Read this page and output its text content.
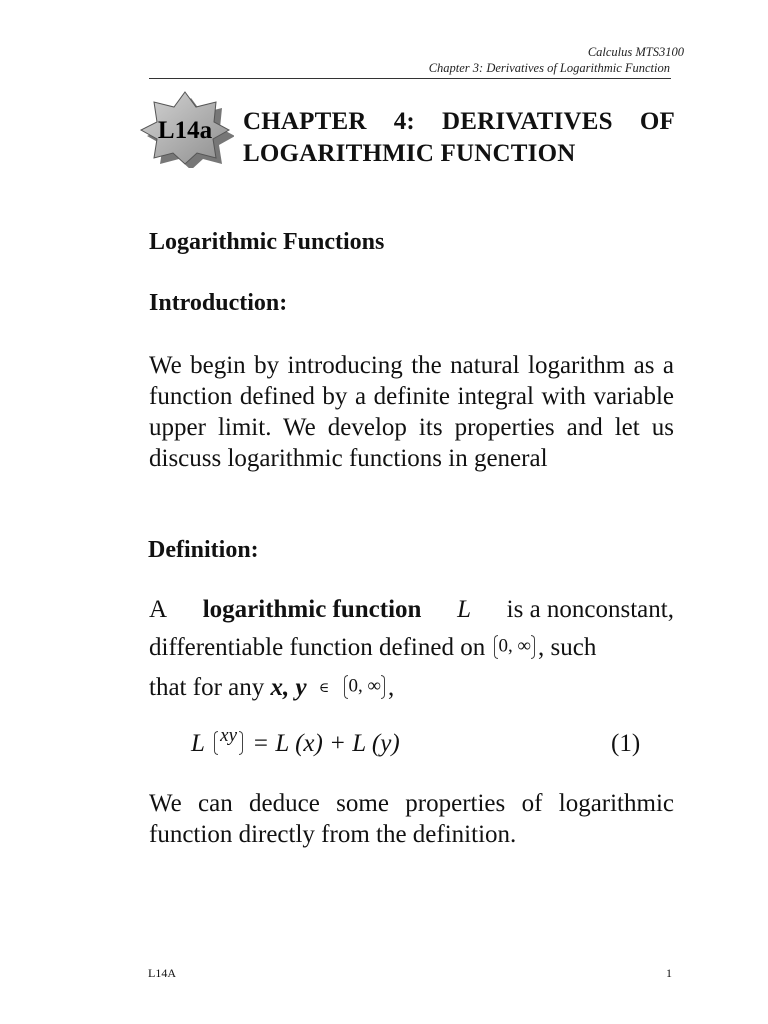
Calculus MTS3100
Chapter 3: Derivatives of Logarithmic Function
L14a CHAPTER 4: DERIVATIVES OF
LOGARITHMIC FUNCTION
Logarithmic Functions
Introduction:
We begin by introducing the natural logarithm as a function defined by a definite integral with variable upper limit. We develop its properties and let us discuss logarithmic functions in general
Definition:
A logarithmic function L is a nonconstant,
differentiable function defined on 0, ∞ , such
that for any x, y ∈ 0, ∞ ,
L xy = L (x) + L (y)	(1)
We can deduce some properties of logarithmic function directly from the definition.
L14A	1
